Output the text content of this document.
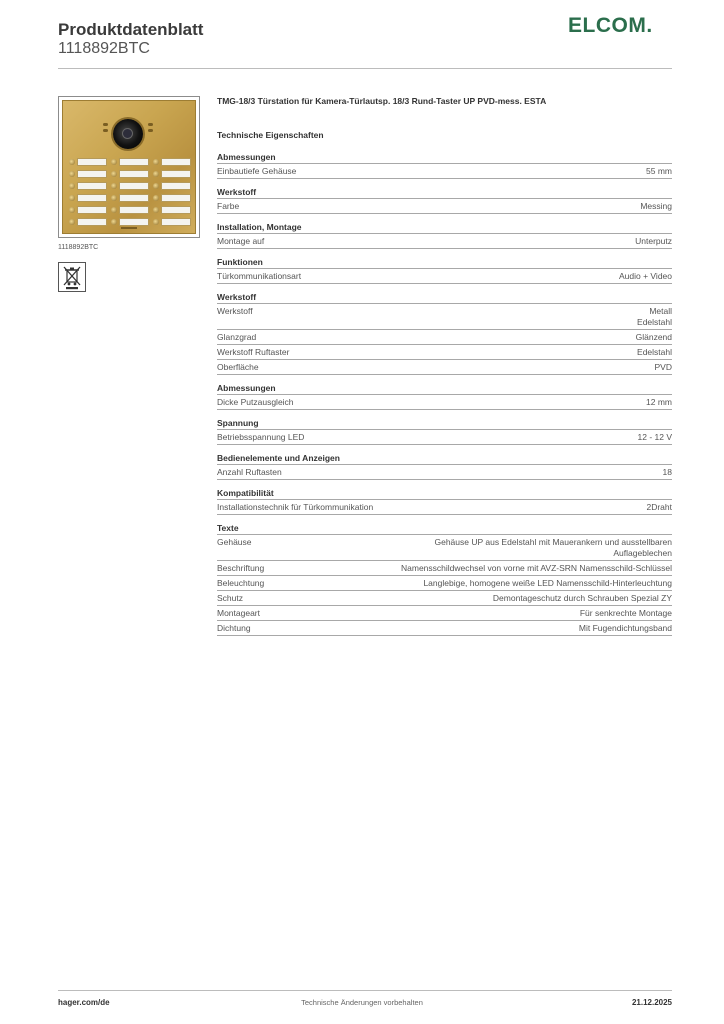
Produktdatenblatt
1118892BTC
ELCOM.
1118892BTC
TMG-18/3 Türstation für Kamera-Türlautsp. 18/3 Rund-Taster UP PVD-mess. ESTA
Technische Eigenschaften
Abmessungen
Einbautiefe Gehäuse	55 mm
Werkstoff
Farbe	Messing
Installation, Montage
Montage auf	Unterputz
Funktionen
Türkommunikationsart	Audio + Video
Werkstoff
Werkstoff	Metall
Edelstahl
Glanzgrad	Glänzend
Werkstoff Ruftaster	Edelstahl
Oberfläche	PVD
Abmessungen
Dicke Putzausgleich	12 mm
Spannung
Betriebsspannung LED	12 - 12 V
Bedienelemente und Anzeigen
Anzahl Ruftasten	18
Kompatibilität
Installationstechnik für Türkommunikation	2Draht
Texte
Gehäuse	Gehäuse UP aus Edelstahl mit Mauerankern und ausstellbaren Auflageblechen
Beschriftung	Namensschildwechsel von vorne mit AVZ-SRN Namensschild-Schlüssel
Beleuchtung	Langlebige, homogene weiße LED Namensschild-Hinterleuchtung
Schutz	Demontageschutz durch Schrauben Spezial ZY
Montageart	Für senkrechte Montage
Dichtung	Mit Fugendichtungsband
hager.com/de	Technische Änderungen vorbehalten	21.12.2025
